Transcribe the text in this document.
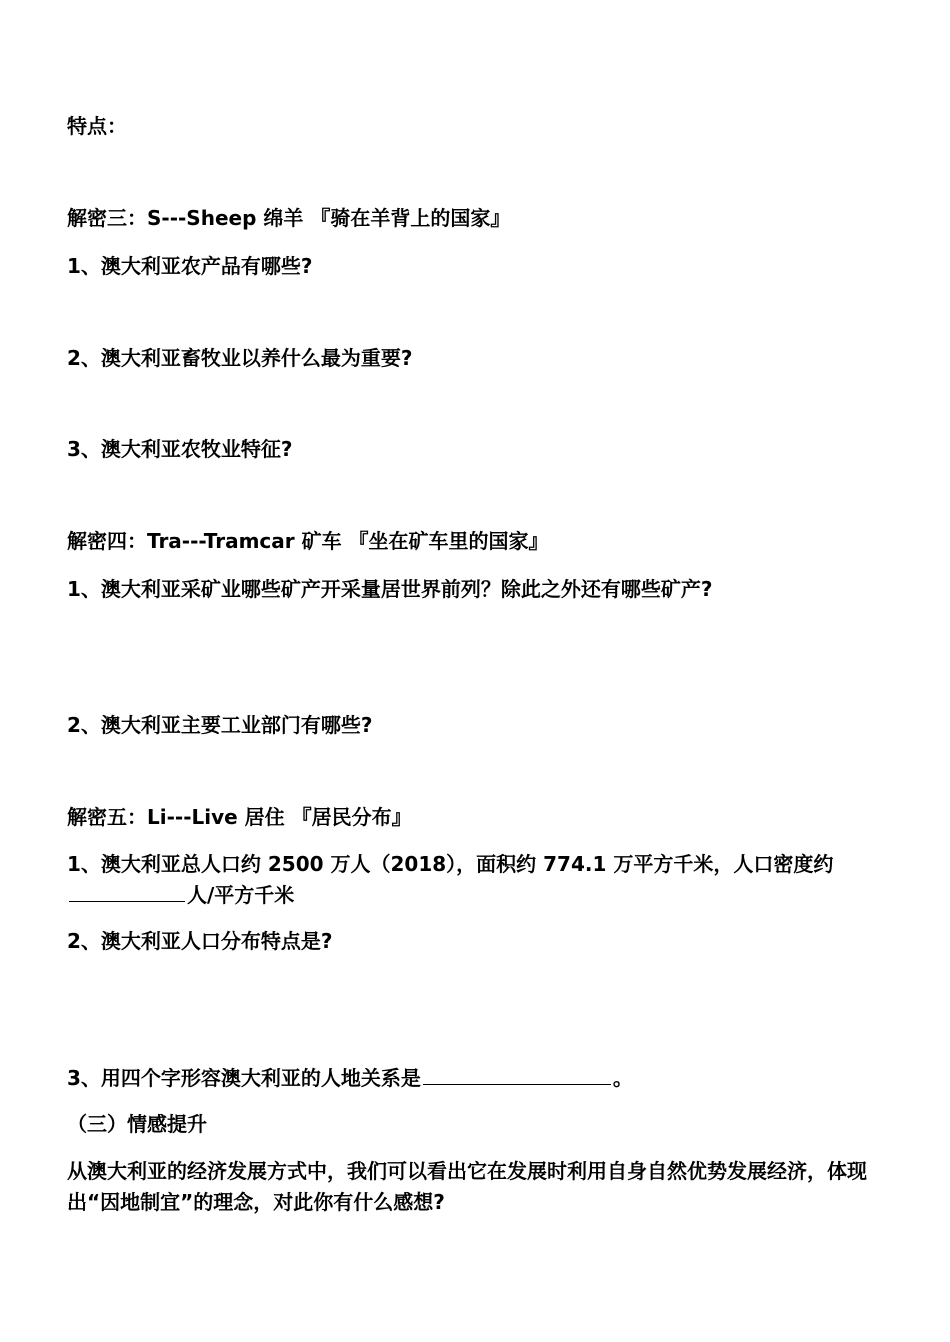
特点：
解密三：S---Sheep 绵羊 『骑在羊背上的国家』
1、澳大利亚农产品有哪些?
2、澳大利亚畜牧业以养什么最为重要?
3、澳大利亚农牧业特征?
解密四：Tra---Tramcar 矿车 『坐在矿车里的国家』
1、澳大利亚采矿业哪些矿产开采量居世界前列？除此之外还有哪些矿产?
2、澳大利亚主要工业部门有哪些?
解密五：Li---Live 居住 『居民分布』
1、澳大利亚总人口约 2500 万人（2018），面积约 774.1 万平方千米，人口密度约 人/平方千米
2、澳大利亚人口分布特点是?
3、用四个字形容澳大利亚的人地关系是	。
（三）情感提升
从澳大利亚的经济发展方式中，我们可以看出它在发展时利用自身自然优势发展经济，体现出“因地制宜”的理念，对此你有什么感想?
